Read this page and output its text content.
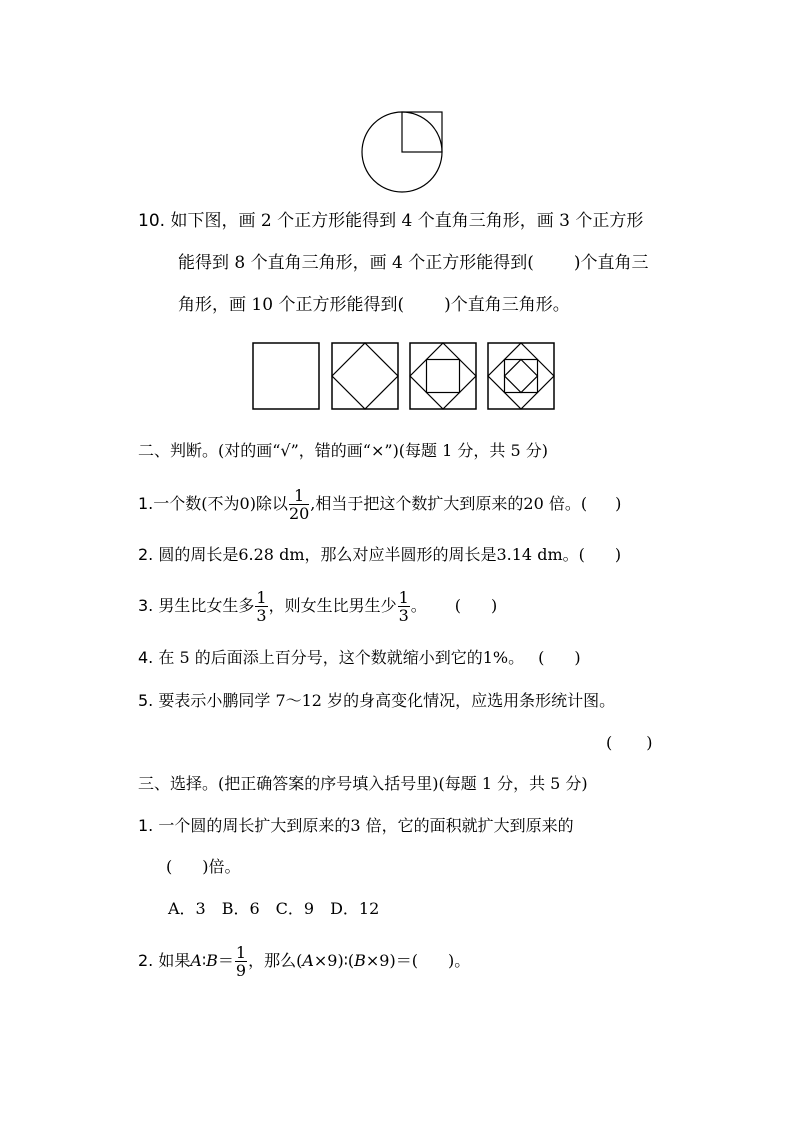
10. 如下图，画 2 个正方形能得到 4 个直角三角形，画 3 个正方形
能得到 8 个直角三角形，画 4 个正方形能得到( )个直角三
角形，画 10 个正方形能得到( )个直角三角形。
二、判断。(对的画“√”，错的画“×”)(每题 1 分，共 5 分)
1.一个数(不为0)除以 $\frac{1}{20}$ ,相当于把这个数扩大到原来的20 倍。( )
2. 圆的周长是6.28 dm，那么对应半圆形的周长是3.14 dm。( )
3. 男生比女生多 $\frac{1}{3}$ ，则女生比男生少 $\frac{1}{3}$ 。 ( )
4. 在 5 的后面添上百分号，这个数就缩小到它的1%。 ( )
5. 要表示小鹏同学 7～12 岁的身高变化情况，应选用条形统计图。
( )
三、选择。(把正确答案的序号填入括号里)(每题 1 分，共 5 分)
1. 一个圆的周长扩大到原来的3 倍，它的面积就扩大到原来的
( )倍。
A．3　B．6　C．9　D．12
2. 如果A∶B＝ $\frac{1}{9}$ ，那么(A×9)∶(B×9)＝( )。
